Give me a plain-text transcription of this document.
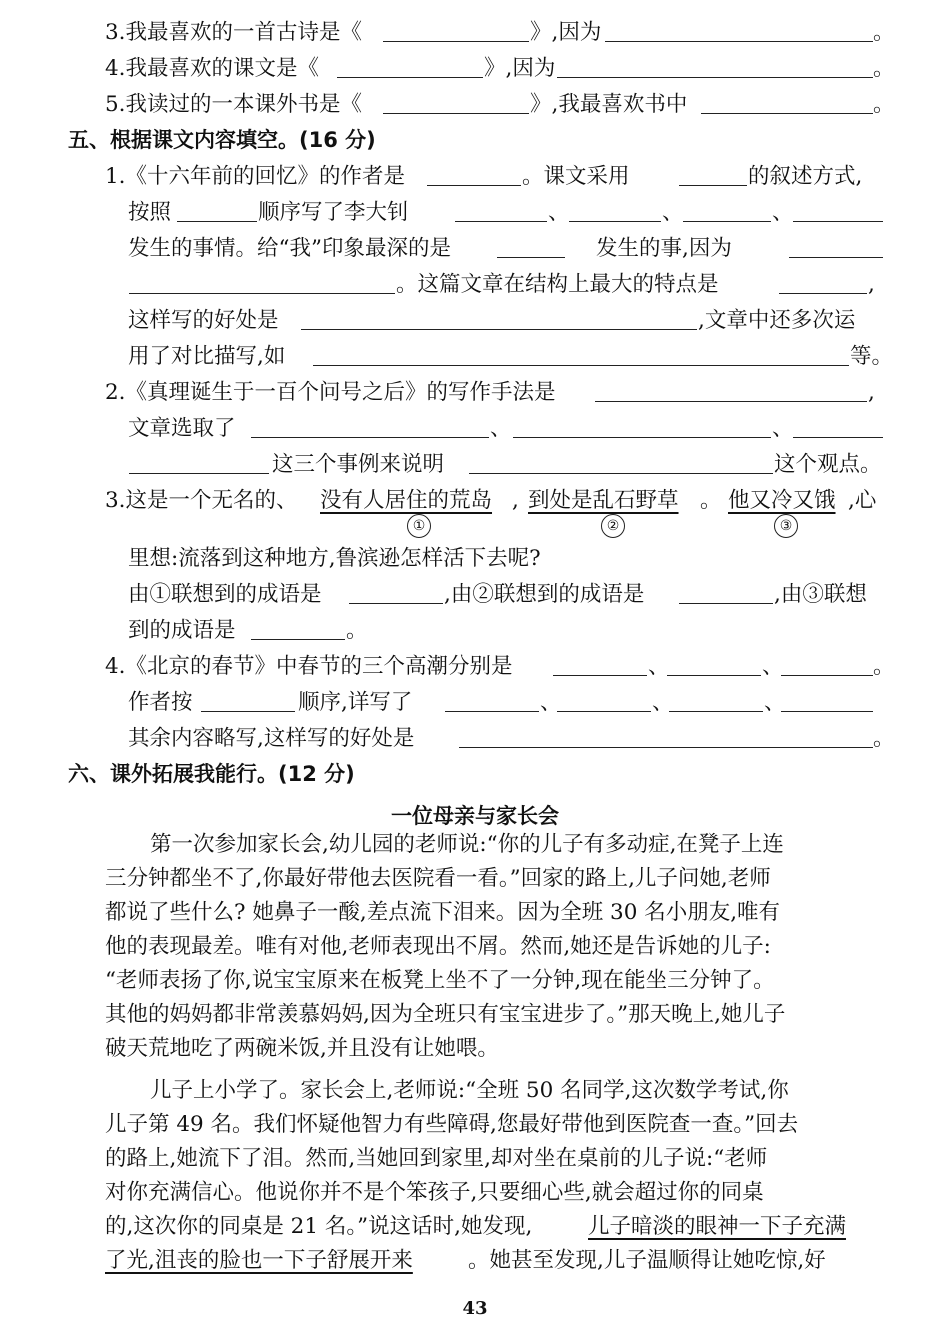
3.我最喜欢的一首古诗是《	》,因为	。
4.我最喜欢的课文是《	》,因为	。
5.我读过的一本课外书是《	》,我最喜欢书中	。
五、根据课文内容填空。(16 分)
1.《十六年前的回忆》的作者是	。课文采用	的叙述方式,
按照	顺序写了李大钊	、	、	、
发生的事情。给“我”印象最深的是	发生的事,因为
。这篇文章在结构上最大的特点是	,
这样写的好处是	,文章中还多次运
用了对比描写,如	等。
2.《真理诞生于一百个问号之后》的写作手法是	,
文章选取了	、	、
这三个事例来说明	这个观点。
3.这是一个无名的、 没有人居住的荒岛 , 到处是乱石野草 。 他又冷又饿 ,心
①	②	③
里想:流落到这种地方,鲁滨逊怎样活下去呢?
由①联想到的成语是	,由②联想到的成语是	,由③联想
到的成语是	。
4.《北京的春节》中春节的三个高潮分别是	、	、	。
作者按	顺序,详写了	、	、	、
其余内容略写,这样写的好处是	。
六、课外拓展我能行。(12 分)
一位母亲与家长会
第一次参加家长会,幼儿园的老师说:“你的儿子有多动症,在凳子上连
三分钟都坐不了,你最好带他去医院看一看。”回家的路上,儿子问她,老师
都说了些什么? 她鼻子一酸,差点流下泪来。因为全班 30 名小朋友,唯有
他的表现最差。唯有对他,老师表现出不屑。然而,她还是告诉她的儿子:
“老师表扬了你,说宝宝原来在板凳上坐不了一分钟,现在能坐三分钟了。
其他的妈妈都非常羡慕妈妈,因为全班只有宝宝进步了。”那天晚上,她儿子
破天荒地吃了两碗米饭,并且没有让她喂。
儿子上小学了。家长会上,老师说:“全班 50 名同学,这次数学考试,你
儿子第 49 名。我们怀疑他智力有些障碍,您最好带他到医院查一查。”回去
的路上,她流下了泪。然而,当她回到家里,却对坐在桌前的儿子说:“老师
对你充满信心。他说你并不是个笨孩子,只要细心些,就会超过你的同桌
的,这次你的同桌是 21 名。”说这话时,她发现,	儿子暗淡的眼神一下子充满
了光,沮丧的脸也一下子舒展开来	。她甚至发现,儿子温顺得让她吃惊,好
43
